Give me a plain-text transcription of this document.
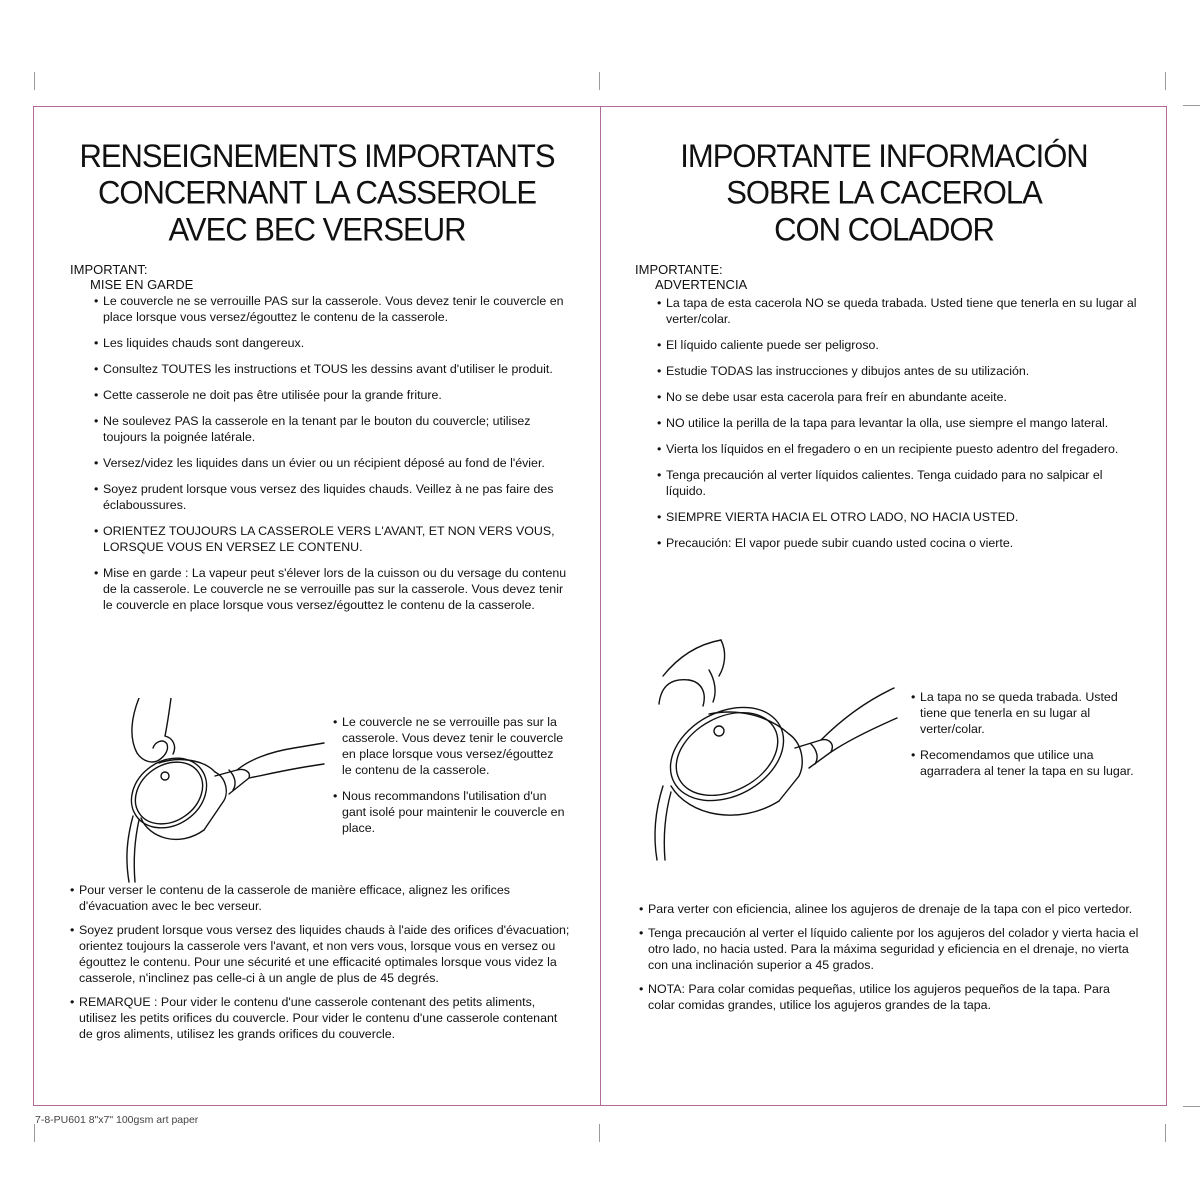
RENSEIGNEMENTS IMPORTANTS
CONCERNANT LA CASSEROLE
AVEC BEC VERSEUR
IMPORTANT:
MISE EN GARDE
• Le couvercle ne se verrouille PAS sur la casserole. Vous devez tenir le couvercle en place lorsque vous versez/égouttez le contenu de la casserole.
• Les liquides chauds sont dangereux.
• Consultez TOUTES les instructions et TOUS les dessins avant d'utiliser le produit.
• Cette casserole ne doit pas être utilisée pour la grande friture.
• Ne soulevez PAS la casserole en la tenant par le bouton du couvercle; utilisez toujours la poignée latérale.
• Versez/videz les liquides dans un évier ou un récipient déposé au fond de l'évier.
• Soyez prudent lorsque vous versez des liquides chauds. Veillez à ne pas faire des éclaboussures.
• ORIENTEZ TOUJOURS LA CASSEROLE VERS L'AVANT, ET NON VERS VOUS, LORSQUE VOUS EN VERSEZ LE CONTENU.
• Mise en garde : La vapeur peut s'élever lors de la cuisson ou du versage du contenu de la casserole. Le couvercle ne se verrouille pas sur la casserole. Vous devez tenir le couvercle en place lorsque vous versez/égouttez le contenu de la casserole.
• Le couvercle ne se verrouille pas sur la casserole. Vous devez tenir le couvercle en place lorsque vous versez/égouttez le contenu de la casserole.
• Nous recommandons l'utilisation d'un gant isolé pour maintenir le couvercle en place.
• Pour verser le contenu de la casserole de manière efficace, alignez les orifices d'évacuation avec le bec verseur.
• Soyez prudent lorsque vous versez des liquides chauds à l'aide des orifices d'évacuation; orientez toujours la casserole vers l'avant, et non vers vous, lorsque vous en versez ou égouttez le contenu. Pour une sécurité et une efficacité optimales lorsque vous videz la casserole, n'inclinez pas celle-ci à un angle de plus de 45 degrés.
• REMARQUE : Pour vider le contenu d'une casserole contenant des petits aliments, utilisez les petits orifices du couvercle. Pour vider le contenu d'une casserole contenant de gros aliments, utilisez les grands orifices du couvercle.
IMPORTANTE INFORMACIÓN
SOBRE LA CACEROLA
CON COLADOR
IMPORTANTE:
ADVERTENCIA
• La tapa de esta cacerola NO se queda trabada. Usted tiene que tenerla en su lugar al verter/colar.
• El líquido caliente puede ser peligroso.
• Estudie TODAS las instrucciones y dibujos antes de su utilización.
• No se debe usar esta cacerola para freír en abundante aceite.
• NO utilice la perilla de la tapa para levantar la olla, use siempre el mango lateral.
• Vierta los líquidos en el fregadero o en un recipiente puesto adentro del fregadero.
• Tenga precaución al verter líquidos calientes. Tenga cuidado para no salpicar el líquido.
• SIEMPRE VIERTA HACIA EL OTRO LADO, NO HACIA USTED.
• Precaución: El vapor puede subir cuando usted cocina o vierte.
• La tapa no se queda trabada. Usted tiene que tenerla en su lugar al verter/colar.
• Recomendamos que utilice una agarradera al tener la tapa en su lugar.
• Para verter con eficiencia, alinee los agujeros de drenaje de la tapa con el pico vertedor.
• Tenga precaución al verter el líquido caliente por los agujeros del colador y vierta hacia el otro lado, no hacia usted. Para la máxima seguridad y eficiencia en el drenaje, no vierta con una inclinación superior a 45 grados.
• NOTA: Para colar comidas pequeñas, utilice los agujeros pequeños de la tapa. Para colar comidas grandes, utilice los agujeros grandes de la tapa.
7-8-PU601 8"x7" 100gsm art paper
